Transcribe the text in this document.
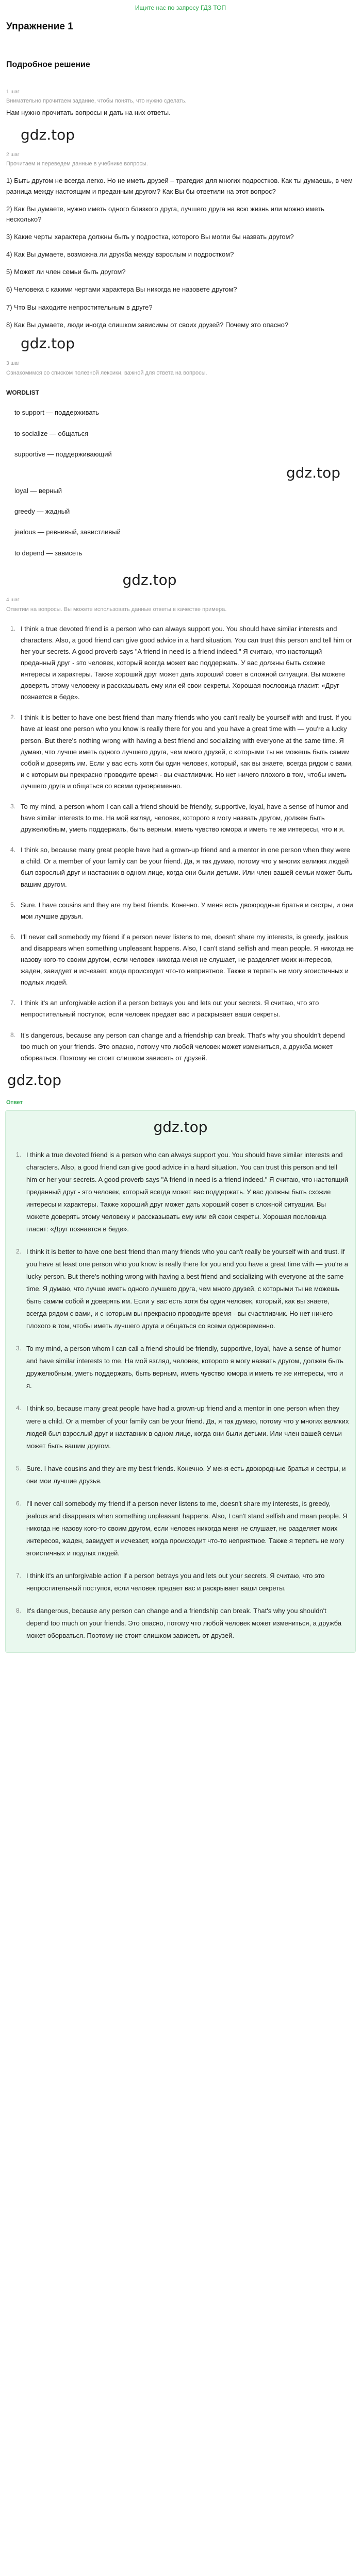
Ищите нас по запросу ГДЗ ТОП
Упражнение 1
Подробное решение
1 шаг
Внимательно прочитаем задание, чтобы понять, что нужно сделать.
Нам нужно прочитать вопросы и дать на них ответы.
gdz.top
2 шаг
Прочитаем и переведем данные в учебнике вопросы.

1) Быть другом не всегда легко. Но не иметь друзей – трагедия для многих подростков. Как ты думаешь, в чем разница между настоящим и преданным другом? Как Вы бы ответили на этот вопрос?

2) Как Вы думаете, нужно иметь одного близкого друга, лучшего друга на всю жизнь или можно иметь несколько?

3) Какие черты характера должны быть у подростка, которого Вы могли бы назвать другом?

4) Как Вы думаете, возможна ли дружба между взрослым и подростком?

5) Может ли член семьи быть другом?

6) Человека с какими чертами характера Вы никогда не назовете другом?

7) Что Вы находите непростительным в друге?

8) Как Вы думаете, люди иногда слишком зависимы от своих друзей? Почему это опасно?

gdz.top
3 шаг
Ознакомимся со списком полезной лексики, важной для ответа на вопросы.
WORDLIST
to support — поддерживать
to socialize — общаться
supportive — поддерживающий
gdz.top
loyal — верный
greedy — жадный
jealous — ревнивый, завистливый
to depend — зависеть
gdz.top
4 шаг
Ответим на вопросы. Вы можете использовать данные ответы в качестве примера.
1. I think a true devoted friend is a person who can always support you. You should have similar interests and characters. Also, a good friend can give good advice in a hard situation. You can trust this person and tell him or her your secrets. A good proverb says "A friend in need is a friend indeed." Я считаю, что настоящий преданный друг - это человек, который всегда может вас поддержать. У вас должны быть схожие интересы и характеры. Также хороший друг может дать хороший совет в сложной ситуации. Вы можете доверять этому человеку и рассказывать ему или ей свои секреты. Хорошая пословица гласит: «Друг познается в беде».
2. I think it is better to have one best friend than many friends who you can't really be yourself with and trust. If you have at least one person who you know is really there for you and you have a great time with — you're a lucky person. But there's nothing wrong with having a best friend and socializing with everyone at the same time. Я думаю, что лучше иметь одного лучшего друга, чем много друзей, с которыми ты не можешь быть самим собой и доверять им. Если у вас есть хотя бы один человек, который, как вы знаете, всегда рядом с вами, и с которым вы прекрасно проводите время - вы счастливчик. Но нет ничего плохого в том, чтобы иметь лучшего друга и общаться со всеми одновременно.
3. To my mind, a person whom I can call a friend should be friendly, supportive, loyal, have a sense of humor and have similar interests to me. На мой взгляд, человек, которого я могу назвать другом, должен быть дружелюбным, уметь поддержать, быть верным, иметь чувство юмора и иметь те же интересы, что и я.
4. I think so, because many great people have had a grown-up friend and a mentor in one person when they were a child. Or a member of your family can be your friend. Да, я так думаю, потому что у многих великих людей был взрослый друг и наставник в одном лице, когда они были детьми. Или член вашей семьи может быть вашим другом.
5. Sure. I have cousins and they are my best friends. Конечно. У меня есть двоюродные братья и сестры, и они мои лучшие друзья.
6. I'll never call somebody my friend if a person never listens to me, doesn't share my interests, is greedy, jealous and disappears when something unpleasant happens. Also, I can't stand selfish and mean people. Я никогда не назову кого-то своим другом, если человек никогда меня не слушает, не разделяет моих интересов, жаден, завидует и исчезает, когда происходит что-то неприятное. Также я терпеть не могу эгоистичных и подлых людей.
7. I think it's an unforgivable action if a person betrays you and lets out your secrets. Я считаю, что это непростительный поступок, если человек предает вас и раскрывает ваши секреты.
8. It's dangerous, because any person can change and a friendship can break. That's why you shouldn't depend too much on your friends. Это опасно, потому что любой человек может измениться, а дружба может оборваться. Поэтому не стоит слишком зависеть от друзей.
gdz.top
Ответ
gdz.top
1. I think a true devoted friend is a person who can always support you. You should have similar interests and characters. Also, a good friend can give good advice in a hard situation. You can trust this person and tell him or her your secrets. A good proverb says "A friend in need is a friend indeed." Я считаю, что настоящий преданный друг - это человек, который всегда может вас поддержать. У вас должны быть схожие интересы и характеры. Также хороший друг может дать хороший совет в сложной ситуации. Вы можете доверять этому человеку и рассказывать ему или ей свои секреты. Хорошая пословица гласит: «Друг познается в беде».
2. I think it is better to have one best friend than many friends who you can't really be yourself with and trust. If you have at least one person who you know is really there for you and you have a great time with — you're a lucky person. But there's nothing wrong with having a best friend and socializing with everyone at the same time. Я думаю, что лучше иметь одного лучшего друга, чем много друзей, с которыми ты не можешь быть самим собой и доверять им. Если у вас есть хотя бы один человек, который, как вы знаете, всегда рядом с вами, и с которым вы прекрасно проводите время - вы счастливчик. Но нет ничего плохого в том, чтобы иметь лучшего друга и общаться со всеми одновременно.
3. To my mind, a person whom I can call a friend should be friendly, supportive, loyal, have a sense of humor and have similar interests to me. На мой взгляд, человек, которого я могу назвать другом, должен быть дружелюбным, уметь поддержать, быть верным, иметь чувство юмора и иметь те же интересы, что и я.
4. I think so, because many great people have had a grown-up friend and a mentor in one person when they were a child. Or a member of your family can be your friend. Да, я так думаю, потому что у многих великих людей был взрослый друг и наставник в одном лице, когда они были детьми. Или член вашей семьи может быть вашим другом.
5. Sure. I have cousins and they are my best friends. Конечно. У меня есть двоюродные братья и сестры, и они мои лучшие друзья.
6. I'll never call somebody my friend if a person never listens to me, doesn't share my interests, is greedy, jealous and disappears when something unpleasant happens. Also, I can't stand selfish and mean people. Я никогда не назову кого-то своим другом, если человек никогда меня не слушает, не разделяет моих интересов, жаден, завидует и исчезает, когда происходит что-то неприятное. Также я терпеть не могу эгоистичных и подлых людей.
7. I think it's an unforgivable action if a person betrays you and lets out your secrets. Я считаю, что это непростительный поступок, если человек предает вас и раскрывает ваши секреты.
8. It's dangerous, because any person can change and a friendship can break. That's why you shouldn't depend too much on your friends. Это опасно, потому что любой человек может измениться, а дружба может оборваться. Поэтому не стоит слишком зависеть от друзей.
